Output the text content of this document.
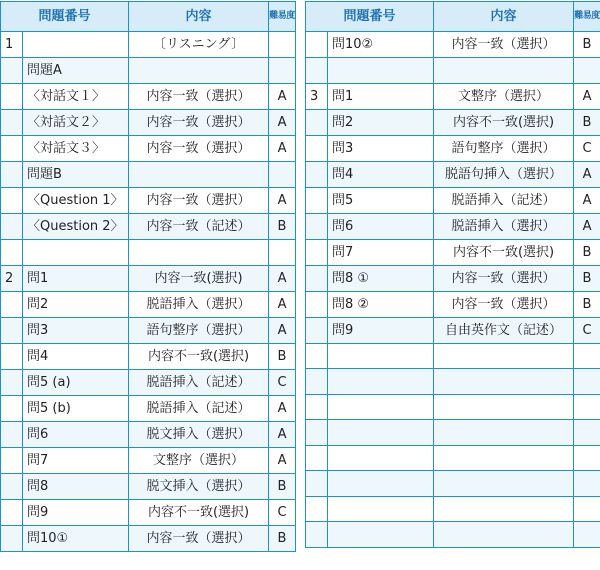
問題番号		内容	難易度
1		〔リスニング〕	
	問題A		
	〈対話文１〉	内容一致（選択）	A
	〈対話文２〉	内容一致（選択）	A
	〈対話文３〉	内容一致（選択）	A
	問題B		
	〈Question 1〉	内容一致（選択）	A
	〈Question 2〉	内容一致（記述）	B

2	問1	内容一致(選択)	A
	問2	脱語挿入（選択）	A
	問3	語句整序（選択）	A
	問4	内容不一致(選択)	B
	問5 (a)	脱語挿入（記述）	C
	問5 (b)	脱語挿入（記述）	A
	問6	脱文挿入（選択）	A
	問7	文整序（選択）	A
	問8	脱文挿入（選択）	B
	問9	内容不一致(選択)	C
	問10①	内容一致（選択）	B
問題番号		内容	難易度
	問10②	内容一致（選択）	B

3	問1	文整序（選択）	A
	問2	内容不一致(選択)	B
	問3	語句整序（選択）	C
	問4	脱語句挿入（選択）	A
	問5	脱語挿入（記述）	A
	問6	脱語挿入（選択）	A
	問7	内容不一致(選択)	B
	問8 ①	内容一致（選択）	B
	問8 ②	内容一致（選択）	B
	問9	自由英作文（記述）	C
